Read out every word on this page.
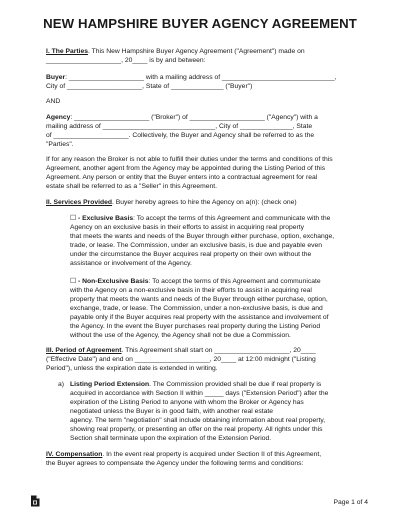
NEW HAMPSHIRE BUYER AGENCY AGREEMENT
I. The Parties. This New Hampshire Buyer Agency Agreement ("Agreement") made on
____________________, 20____ is by and between:
Buyer: ____________________ with a mailing address of ______________________________,
City of ____________________, State of ______________ ("Buyer")
AND
Agency: ____________________ ("Broker") of ____________________ ("Agency") with a
mailing address of ______________________________, City of ______________, State
of ____________________. Collectively, the Buyer and Agency shall be referred to as the
"Parties".
If for any reason the Broker is not able to fulfill their duties under the terms and conditions of this
Agreement, another agent from the Agency may be appointed during the Listing Period of this
Agreement. Any person or entity that the Buyer enters into a contractual agreement for real
estate shall be referred to as a "Seller" in this Agreement.
II. Services Provided. Buyer hereby agrees to hire the Agency on a(n): (check one)
☐ - Exclusive Basis: To accept the terms of this Agreement and communicate with the
Agency on an exclusive basis in their efforts to assist in acquiring real property
that meets the wants and needs of the Buyer through either purchase, option, exchange,
trade, or lease. The Commission, under an exclusive basis, is due and payable even
under the circumstance the Buyer acquires real property on their own without the
assistance or involvement of the Agency.
☐ - Non-Exclusive Basis: To accept the terms of this Agreement and communicate
with the Agency on a non-exclusive basis in their efforts to assist in acquiring real
property that meets the wants and needs of the Buyer through either purchase, option,
exchange, trade, or lease. The Commission, under a non-exclusive basis, is due and
payable only if the Buyer acquires real property with the assistance and involvement of
the Agency. In the event the Buyer purchases real property during the Listing Period
without the use of the Agency, the Agency shall not be due a Commission.
III. Period of Agreement. This Agreement shall start on ____________________, 20____
("Effective Date") and end on ____________________, 20____ at 12:00 midnight ("Listing
Period"), unless the expiration date is extended in writing.
a) Listing Period Extension. The Commission provided shall be due if real property is
acquired in accordance with Section II within _____ days ("Extension Period") after the
expiration of the Listing Period to anyone with whom the Broker or Agency has
negotiated unless the Buyer is in good faith, with another real estate
agency. The term "negotiation" shall include obtaining information about real property,
showing real property, or presenting an offer on the real property. All rights under this
Section shall terminate upon the expiration of the Extension Period.
IV. Compensation. In the event real property is acquired under Section II of this Agreement,
the Buyer agrees to compensate the Agency under the following terms and conditions:
Page 1 of 4
